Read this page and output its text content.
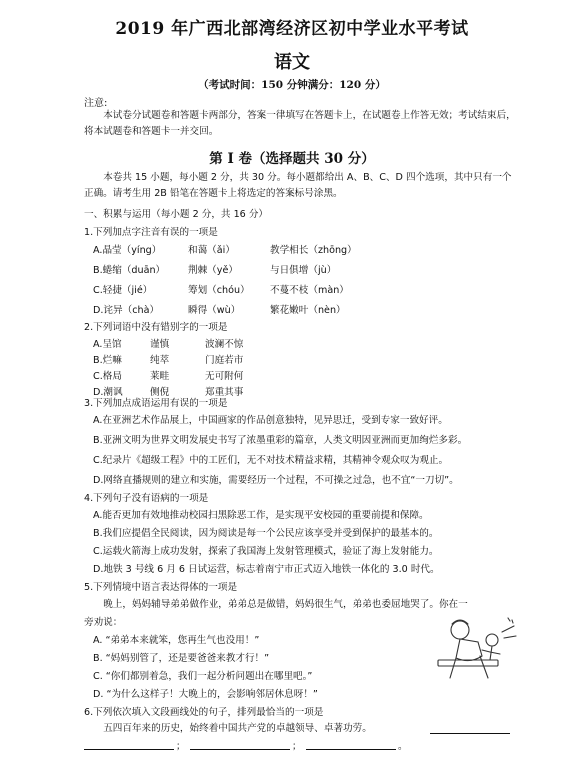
2019 年广西北部湾经济区初中学业水平考试
语文
（考试时间：150 分钟满分：120 分）
注意:
本试卷分试题卷和答题卡两部分，答案一律填写在答题卡上，在试题卷上作答无效；考试结束后，将本试题卷和答题卡一并交回。
第 I 卷（选择题共 30 分）
本卷共 15 小题，每小题 2 分，共 30 分。每小题都给出 A、B、C、D 四个选项，其中只有一个正确。请考生用 2B 铅笔在答题卡上将选定的答案标号涂黑。
一、积累与运用（每小题 2 分，共 16 分）
1.下列加点字注音有误的一项是
A.晶莹（yíng）	和蔼（ǎi）	教学相长（zhōng）
B.蜷缩（duān） 荆棘（yě）	与日俱增（jù）
C.轻捷（jié）	筹划（chóu） 不蔓不枝（màn）
D.诧异（chà）	瞬得（wù）	繁花嫩叶（nèn）
2.下列词语中没有错别字的一项是
A.呈馆	谨慎	波澜不惊
B.烂嘛	纯萃	门庭若市
C.格局	莱畦	无可附何
D.潮讽	侧倪	郑重其事
3.下列加点成语运用有误的一项是
A.在亚洲艺术作品展上，中国画家的作品创意独特，见异思迁，受到专家一致好评。
B.亚洲文明为世界文明发展史书写了浓墨重彩的篇章，人类文明因亚洲而更加绚烂多彩。
C.纪录片《超级工程》中的工匠们，无不对技术精益求精，其精神令观众叹为观止。
D.网络直播规则的建立和实施，需要经历一个过程，不可操之过急，也不宜“一刀切”。
4.下列句子没有语病的一项是
A.能否更加有效地推动校园扫黑除恶工作，是实现平安校园的重要前提和保障。
B.我们应提倡全民阅读，因为阅读是每一个公民应该享受并受到保护的最基本的。
C.运载火箭海上成功发射，探索了我国海上发射管理模式，验证了海上发射能力。
D.地铁 3 号线 6 月 6 日试运营，标志着南宁市正式迈入地铁一体化的 3.0 时代。
5.下列情境中语言表达得体的一项是
晚上，妈妈辅导弟弟做作业，弟弟总是做错，妈妈很生气，弟弟也委屈地哭了。你在一
旁劝说：
A. “弟弟本来就笨，您再生气也没用！”
B. “妈妈别管了，还是要爸爸来教才行！”
C. “你们都别着急，我们一起分析问题出在哪里吧。”
D. “为什么这样子！大晚上的，会影响邻居休息呀！”
6.下列依次填入文段画线处的句子，排列最恰当的一项是
五四百年来的历史，始终着中国共产党的卓越领导、卓著功劳。
；	；	。
